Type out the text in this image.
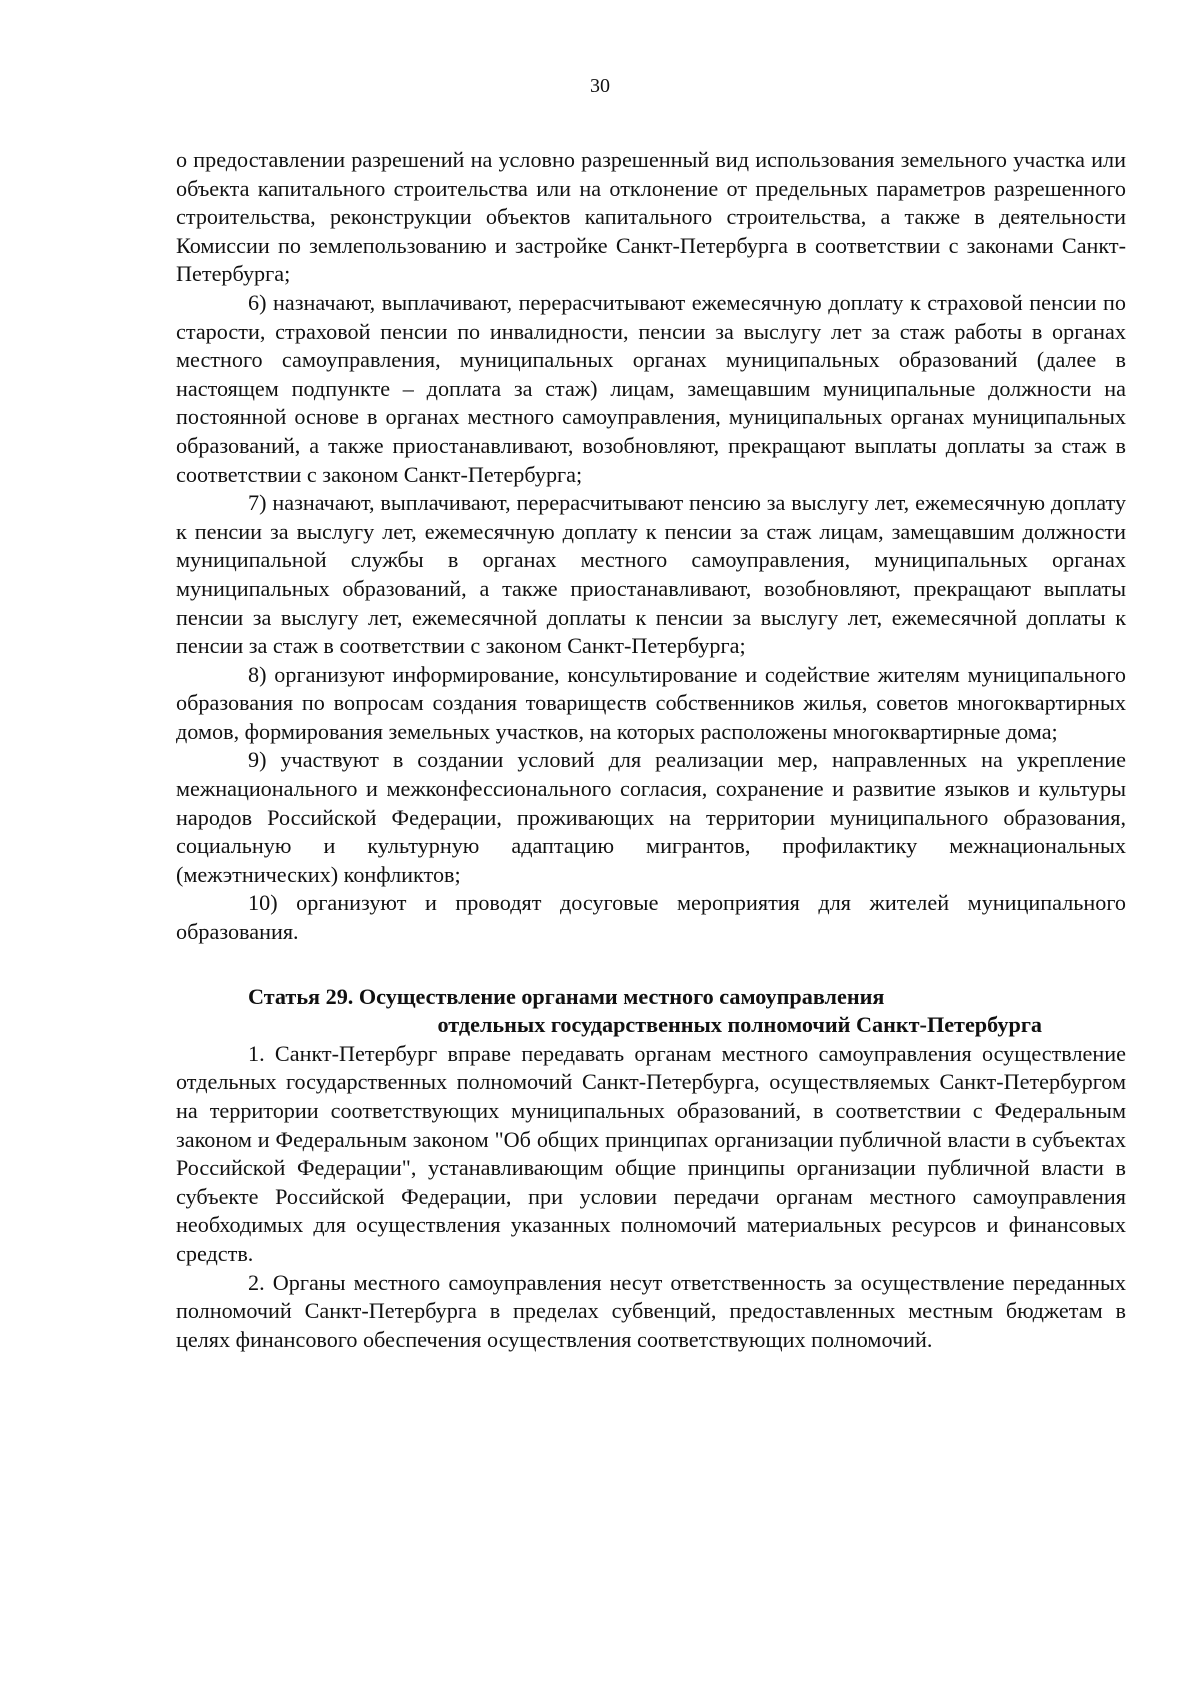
30

о предоставлении разрешений на условно разрешенный вид использования земельного участка или объекта капитального строительства или на отклонение от предельных параметров разрешенного строительства, реконструкции объектов капитального строительства, а также в деятельности Комиссии по землепользованию и застройке Санкт-Петербурга в соответствии с законами Санкт-Петербурга;

6) назначают, выплачивают, перерасчитывают ежемесячную доплату к страховой пенсии по старости, страховой пенсии по инвалидности, пенсии за выслугу лет за стаж работы в органах местного самоуправления, муниципальных органах муниципальных образований (далее в настоящем подпункте – доплата за стаж) лицам, замещавшим муниципальные должности на постоянной основе в органах местного самоуправления, муниципальных органах муниципальных образований, а также приостанавливают, возобновляют, прекращают выплаты доплаты за стаж в соответствии с законом Санкт-Петербурга;

7) назначают, выплачивают, перерасчитывают пенсию за выслугу лет, ежемесячную доплату к пенсии за выслугу лет, ежемесячную доплату к пенсии за стаж лицам, замещавшим должности муниципальной службы в органах местного самоуправления, муниципальных органах муниципальных образований, а также приостанавливают, возобновляют, прекращают выплаты пенсии за выслугу лет, ежемесячной доплаты к пенсии за выслугу лет, ежемесячной доплаты к пенсии за стаж в соответствии с законом Санкт-Петербурга;

8) организуют информирование, консультирование и содействие жителям муниципального образования по вопросам создания товариществ собственников жилья, советов многоквартирных домов, формирования земельных участков, на которых расположены многоквартирные дома;

9) участвуют в создании условий для реализации мер, направленных на укрепление межнационального и межконфессионального согласия, сохранение и развитие языков и культуры народов Российской Федерации, проживающих на территории муниципального образования, социальную и культурную адаптацию мигрантов, профилактику межнациональных (межэтнических) конфликтов;

10) организуют и проводят досуговые мероприятия для жителей муниципального образования.

Статья 29. Осуществление органами местного самоуправления
отдельных государственных полномочий Санкт-Петербурга

1. Санкт-Петербург вправе передавать органам местного самоуправления осуществление отдельных государственных полномочий Санкт-Петербурга, осуществляемых Санкт-Петербургом на территории соответствующих муниципальных образований, в соответствии с Федеральным законом и Федеральным законом "Об общих принципах организации публичной власти в субъектах Российской Федерации", устанавливающим общие принципы организации публичной власти в субъекте Российской Федерации, при условии передачи органам местного самоуправления необходимых для осуществления указанных полномочий материальных ресурсов и финансовых средств.

2. Органы местного самоуправления несут ответственность за осуществление переданных полномочий Санкт-Петербурга в пределах субвенций, предоставленных местным бюджетам в целях финансового обеспечения осуществления соответствующих полномочий.
